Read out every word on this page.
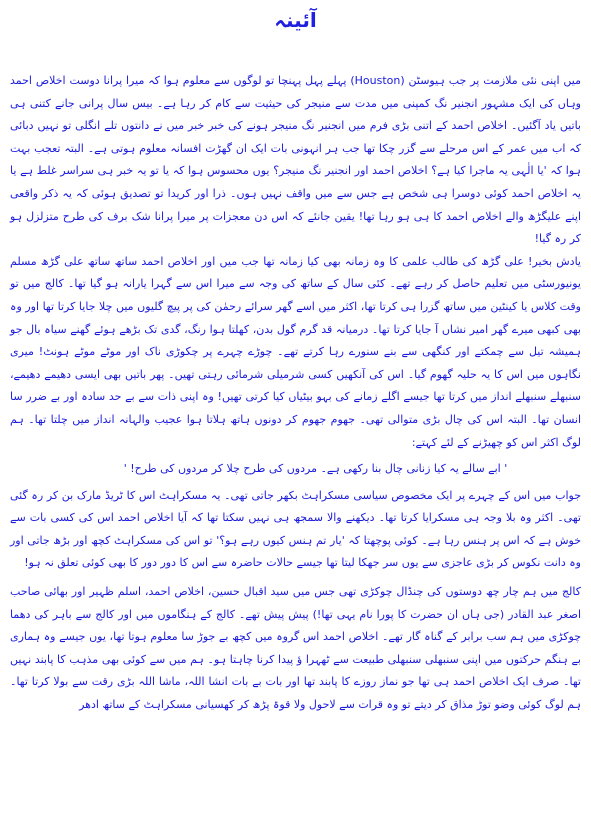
آئینہ

میں اپنی نئی ملازمت پر جب ہیوسٹن (Houston) پہلے پہل پہنچا تو لوگوں سے معلوم ہوا کہ میرا پرانا دوست اخلاص احمد وہاں کی ایک مشہور انجنیر نگ کمپنی میں مدت سے منیجر کی حیثیت سے کام کر رہا ہے۔ بیس سال پرانی جانے کتنی ہی باتیں یاد آگئیں۔ اخلاص احمد کے اتنی بڑی فرم میں انجنیر نگ منیجر ہونے کی خبر خبر میں نے دانتوں تلے انگلی تو نہیں دبائی کہ اب میں عمر کے اس مرحلے سے گزر چکا تھا جب ہر انہونی بات ایک ان گھڑت افسانہ معلوم ہوتی ہے۔ البتہ تعجب بہت ہوا کہ 'یا الٰہی یہ ماجرا کیا ہے؟ اخلاص احمد اور انجنیر نگ منیجر؟ یوں محسوس ہوا کہ یا تو یہ خبر ہی سراسر غلط ہے یا یہ اخلاص احمد کوئی دوسرا ہی شخص ہے جس سے میں واقف نہیں ہوں۔ ذرا اور کریدا تو تصدیق ہوئی کہ یہ ذکر واقعی اپنے علیگڑھ والے اخلاص احمد کا ہی ہو رہا تھا! یقین جانئے کہ اس دن معجزات پر میرا پرانا شک برف کی طرح متزلزل ہو کر رہ گیا!

یادش بخیر! علی گڑھ کی طالب علمی کا وہ زمانہ بھی کیا زمانہ تھا جب میں اور اخلاص احمد ساتھ ساتھ علی گڑھ مسلم یونیورسٹی میں تعلیم حاصل کر رہے تھے۔ کئی سال کے ساتھ کی وجہ سے میرا اس سے گہرا یارانہ ہو گیا تھا۔ کالج میں تو وقت کلاس یا کینٹین میں ساتھ گزرا ہی کرتا تھا، اکثر میں اسے گھر سرائے رحمٰن کی پر پیچ گلیوں میں چلا جایا کرتا تھا اور وہ بھی کبھی میرے گھر امیر نشاں آ جایا کرتا تھا۔ درمیانہ قد گرم گول بدن، کھلتا ہوا رنگ، گدی تک بڑھے ہوئے گھنے سیاہ بال جو ہمیشہ تیل سے چمکتے اور کنگھی سے بنے سنورے رہا کرتے تھے۔ چوڑے چہرے پر چکوڑی ناک اور موٹے موٹے ہونٹ! میری نگاہوں میں اس کا یہ حلیہ گھوم گیا۔ اس کی آنکھیں کسی شرمیلی شرمائی رہتی تھیں۔ پھر باتیں بھی ایسی دھیمے دھیمے، سنبھلے سنبھلے انداز میں کرتا تھا جیسے اگلے زمانے کی بہو بیٹیاں کیا کرتی تھیں! وہ اپنی ذات سے بے حد سادہ اور بے ضرر سا انسان تھا۔ البتہ اس کی چال بڑی متوالی تھی۔ جھوم جھوم کر دونوں ہاتھ ہلاتا ہوا عجیب والہانہ انداز میں چلتا تھا۔ ہم لوگ اکثر اس کو چھیڑنے کے لئے کہتے:

' ابے سالے یہ کیا زنانی چال بنا رکھی ہے۔ مردوں کی طرح چلا کر مردوں کی طرح! '

جواب میں اس کے چہرے پر ایک مخصوص سیاسی مسکراہٹ بکھر جاتی تھی۔ یہ مسکراہٹ اس کا ٹریڈ مارک بن کر رہ گئی تھی۔ اکثر وہ بلا وجہ ہی مسکرایا کرتا تھا۔ دیکھنے والا سمجھ ہی نہیں سکتا تھا کہ آیا اخلاص احمد اس کی کسی بات سے خوش ہے کہ اس پر ہنس رہا ہے۔ کوئی پوچھتا کہ 'یار تم ہنس کیوں رہے ہو؟' تو اس کی مسکراہٹ کچھ اور بڑھ جاتی اور وہ دانت نکوس کر بڑی عاجزی سے یوں سر جھکا لیتا تھا جیسے حالات حاضرہ سے اس کا دور دور کا بھی کوئی تعلق نہ ہو!

کالج میں ہم چار چھ دوستوں کی چنڈال چوکڑی تھی جس میں سید اقبال حسین، اخلاص احمد، اسلم ظہیر اور بھائی صاحب اصغر عبد القادر (جی ہاں ان حضرت کا پورا نام یہی تھا!) پیش پیش تھے۔ کالج کے ہنگاموں میں اور کالج سے باہر کی دھما چوکڑی میں ہم سب برابر کے گناہ گار تھے۔ اخلاص احمد اس گروہ میں کچھ بے جوڑ سا معلوم ہوتا تھا، یوں جیسے وہ ہماری بے ہنگم حرکتوں میں اپنی سنبھلی سنبھلی طبیعت سے ٹھہرا ؤ پیدا کرنا چاہتا ہو۔ ہم میں سے کوئی بھی مذہب کا پابند نہیں تھا۔ صرف ایک اخلاص احمد ہی تھا جو نماز روزے کا پابند تھا اور بات بے بات انشا اللہ، ماشا اللہ بڑی رقت سے بولا کرتا تھا۔ ہم لوگ کوئی وضو توڑ مذاق کر دیتے تو وہ قرات سے لاحول ولا قوۃ پڑھ کر کھسیانی مسکراہٹ کے ساتھ ادھر
